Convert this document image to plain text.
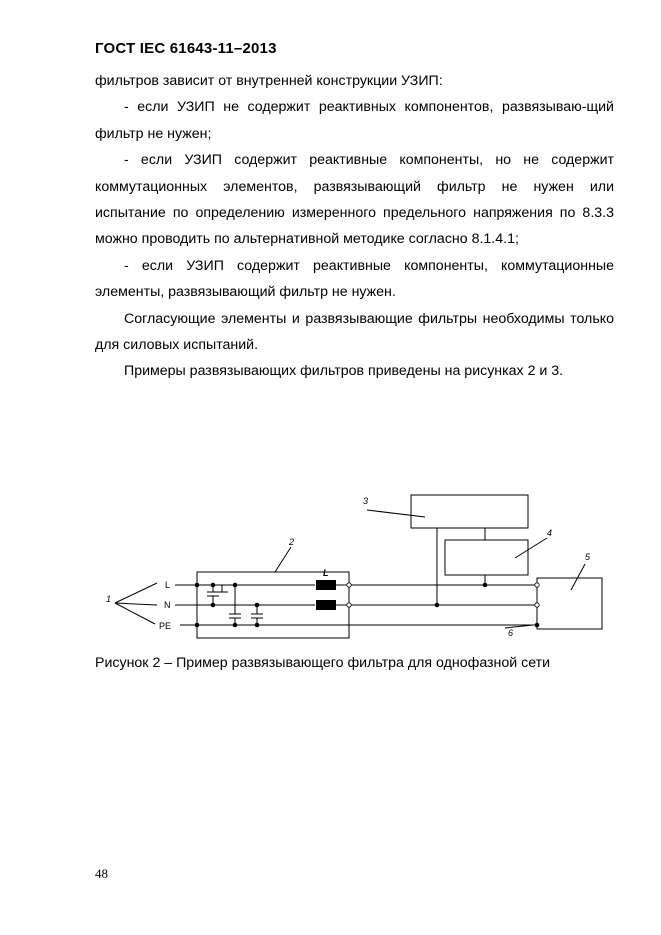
ГОСТ IEC 61643-11–2013

фильтров зависит от внутренней конструкции УЗИП:

- если УЗИП не содержит реактивных компонентов, развязываю-щий фильтр не нужен;

- если УЗИП содержит реактивные компоненты, но не содержит коммутационных элементов, развязывающий фильтр не нужен или испытание по определению измеренного предельного напряжения по 8.3.3 можно проводить по альтернативной методике согласно 8.1.4.1;

- если УЗИП содержит реактивные компоненты, коммутационные элементы, развязывающий фильтр не нужен.

Согласующие элементы и развязывающие фильтры необходимы только для силовых испытаний.

Примеры развязывающих фильтров приведены на рисунках 2 и 3.

L
N
PE
L
1
2
3
4
5
6
Рисунок 2 – Пример развязывающего фильтра для однофазной сети
48
